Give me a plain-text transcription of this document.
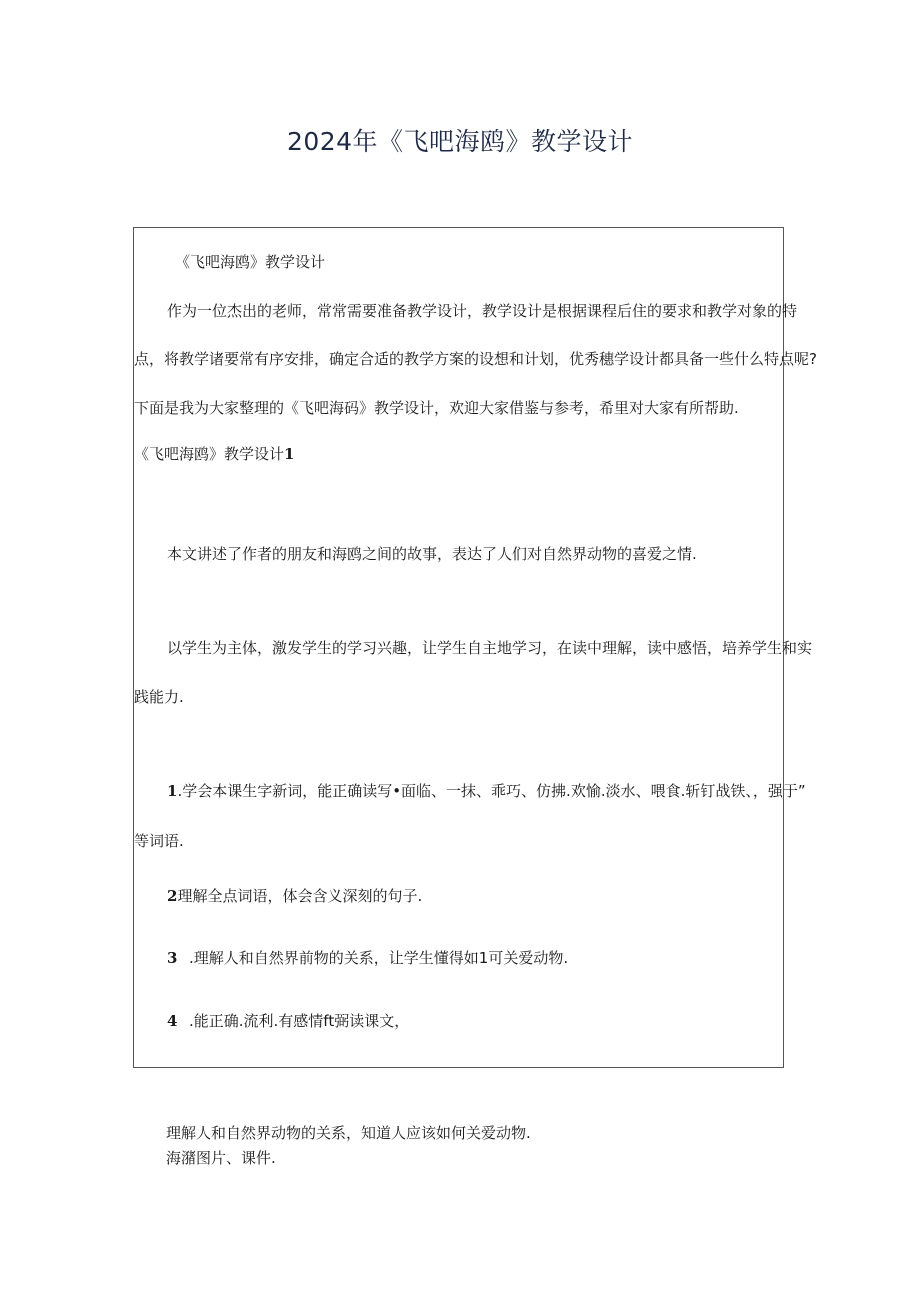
2024年《飞吧海鸥》教学设计

《飞吧海鸥》教学设计

作为一位杰出的老师，常常需要准备教学设计，教学设计是根据课程后住的要求和教学对象的特

点，将教学诸要常有序安排，确定合适的教学方案的设想和计划，优秀穗学设计都具备一些什么特点呢?

下面是我为大家整理的《飞吧海码》教学设计，欢迎大家借鉴与参考，希里对大家有所帮助.

《飞吧海鸥》教学设计1

本文讲述了作者的朋友和海鸥之间的故事，表达了人们对自然界动物的喜爱之情.

以学生为主体，激发学生的学习兴趣，让学生自主地学习，在读中理解，读中感悟，培养学生和实

践能力.

1.学会本课生字新词，能正确读写•面临、一抹、乖巧、仿拂.欢愉.淡水、喂食.斩钉战铁、，强于”

等词语.

2理解全点词语，体会含义深刻的句子.

3 .理解人和自然界前物的关系，让学生懂得如1可关爱动物.

4 .能正确.流利.有感情ft弼读课文，

理解人和自然界动物的关系，知道人应该如何关爱动物.

海潴图片、课件.
